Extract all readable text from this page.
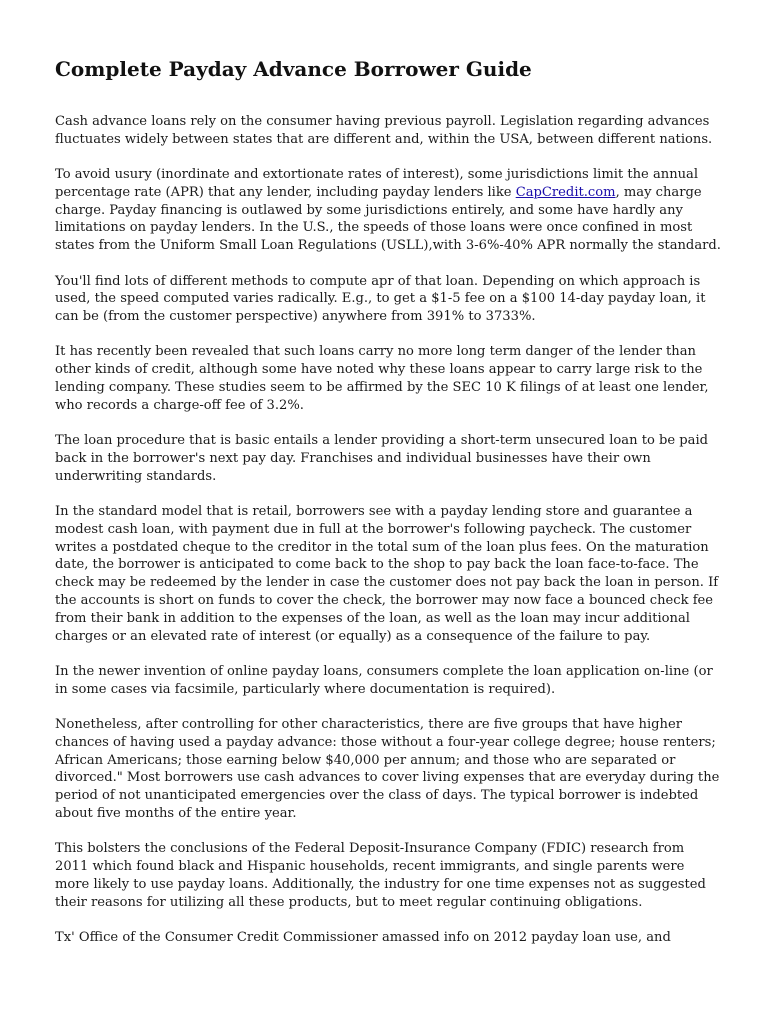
Complete Payday Advance Borrower Guide

Cash advance loans rely on the consumer having previous payroll. Legislation regarding advances fluctuates widely between states that are different and, within the USA, between different nations.

To avoid usury (inordinate and extortionate rates of interest), some jurisdictions limit the annual percentage rate (APR) that any lender, including payday lenders like CapCredit.com, may charge charge. Payday financing is outlawed by some jurisdictions entirely, and some have hardly any limitations on payday lenders. In the U.S., the speeds of those loans were once confined in most states from the Uniform Small Loan Regulations (USLL),with 3-6%-40% APR normally the standard.

You'll find lots of different methods to compute apr of that loan. Depending on which approach is used, the speed computed varies radically. E.g., to get a $1-5 fee on a $100 14-day payday loan, it can be (from the customer perspective) anywhere from 391% to 3733%.

It has recently been revealed that such loans carry no more long term danger of the lender than other kinds of credit, although some have noted why these loans appear to carry large risk to the lending company. These studies seem to be affirmed by the SEC 10 K filings of at least one lender, who records a charge-off fee of 3.2%.

The loan procedure that is basic entails a lender providing a short-term unsecured loan to be paid back in the borrower's next pay day. Franchises and individual businesses have their own underwriting standards.

In the standard model that is retail, borrowers see with a payday lending store and guarantee a modest cash loan, with payment due in full at the borrower's following paycheck. The customer writes a postdated cheque to the creditor in the total sum of the loan plus fees. On the maturation date, the borrower is anticipated to come back to the shop to pay back the loan face-to-face. The check may be redeemed by the lender in case the customer does not pay back the loan in person. If the accounts is short on funds to cover the check, the borrower may now face a bounced check fee from their bank in addition to the expenses of the loan, as well as the loan may incur additional charges or an elevated rate of interest (or equally) as a consequence of the failure to pay.

In the newer invention of online payday loans, consumers complete the loan application on-line (or in some cases via facsimile, particularly where documentation is required).

Nonetheless, after controlling for other characteristics, there are five groups that have higher chances of having used a payday advance: those without a four-year college degree; house renters; African Americans; those earning below $40,000 per annum; and those who are separated or divorced." Most borrowers use cash advances to cover living expenses that are everyday during the period of not unanticipated emergencies over the class of days. The typical borrower is indebted about five months of the entire year.

This bolsters the conclusions of the Federal Deposit-Insurance Company (FDIC) research from 2011 which found black and Hispanic households, recent immigrants, and single parents were more likely to use payday loans. Additionally, the industry for one time expenses not as suggested their reasons for utilizing all these products, but to meet regular continuing obligations.

Tx' Office of the Consumer Credit Commissioner amassed info on 2012 payday loan use, and
